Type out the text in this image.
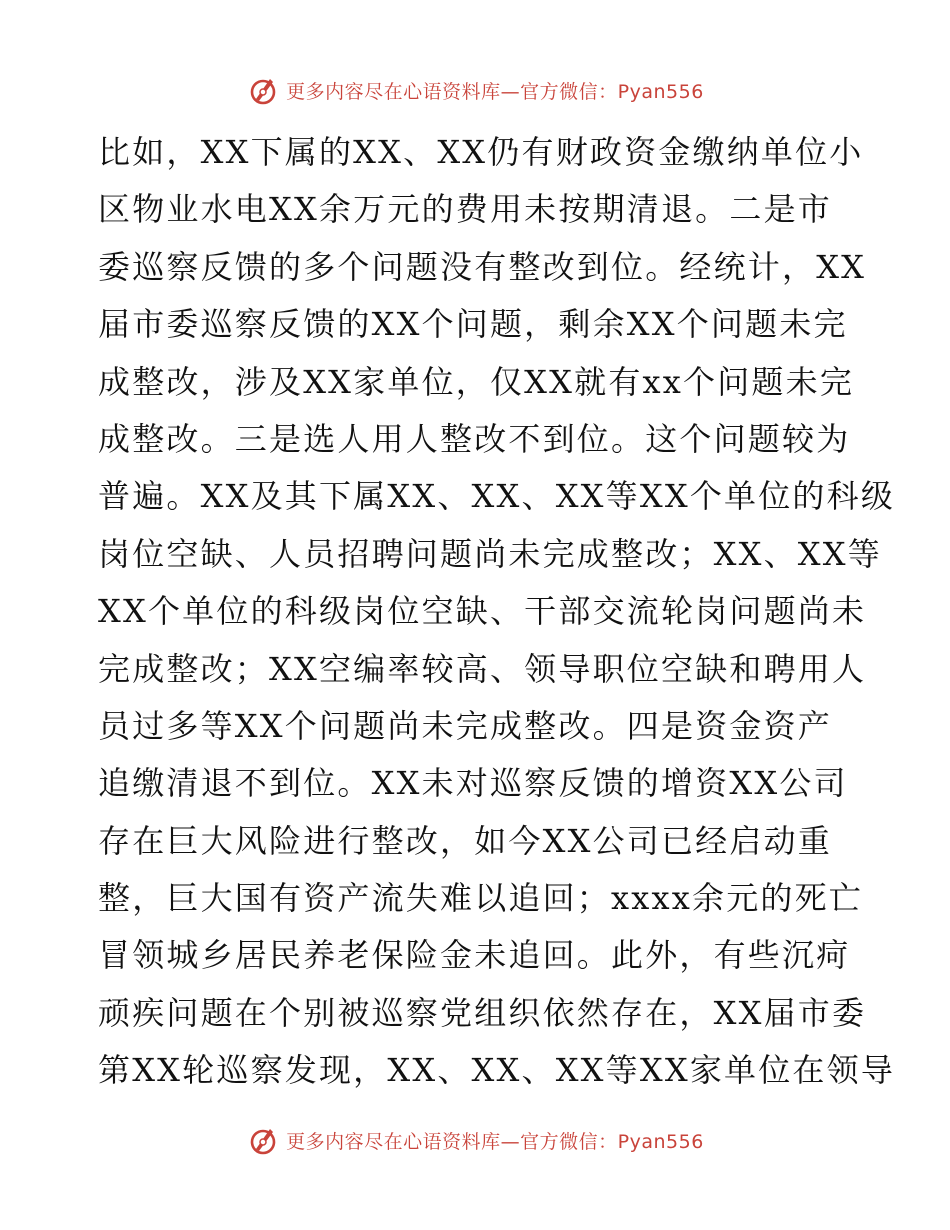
更多内容尽在心语资料库—官方微信：Pyan556
比如，XX下属的XX、XX仍有财政资金缴纳单位小
区物业水电XX余万元的费用未按期清退。二是市
委巡察反馈的多个问题没有整改到位。经统计，XX
届市委巡察反馈的XX个问题，剩余XX个问题未完
成整改，涉及XX家单位，仅XX就有xx个问题未完
成整改。三是选人用人整改不到位。这个问题较为
普遍。XX及其下属XX、XX、XX等XX个单位的科级
岗位空缺、人员招聘问题尚未完成整改；XX、XX等
XX个单位的科级岗位空缺、干部交流轮岗问题尚未
完成整改；XX空编率较高、领导职位空缺和聘用人
员过多等XX个问题尚未完成整改。四是资金资产
追缴清退不到位。XX未对巡察反馈的增资XX公司
存在巨大风险进行整改，如今XX公司已经启动重
整，巨大国有资产流失难以追回；xxxx余元的死亡
冒领城乡居民养老保险金未追回。此外，有些沉疴
顽疾问题在个别被巡察党组织依然存在，XX届市委
第XX轮巡察发现，XX、XX、XX等XX家单位在领导
更多内容尽在心语资料库—官方微信：Pyan556
